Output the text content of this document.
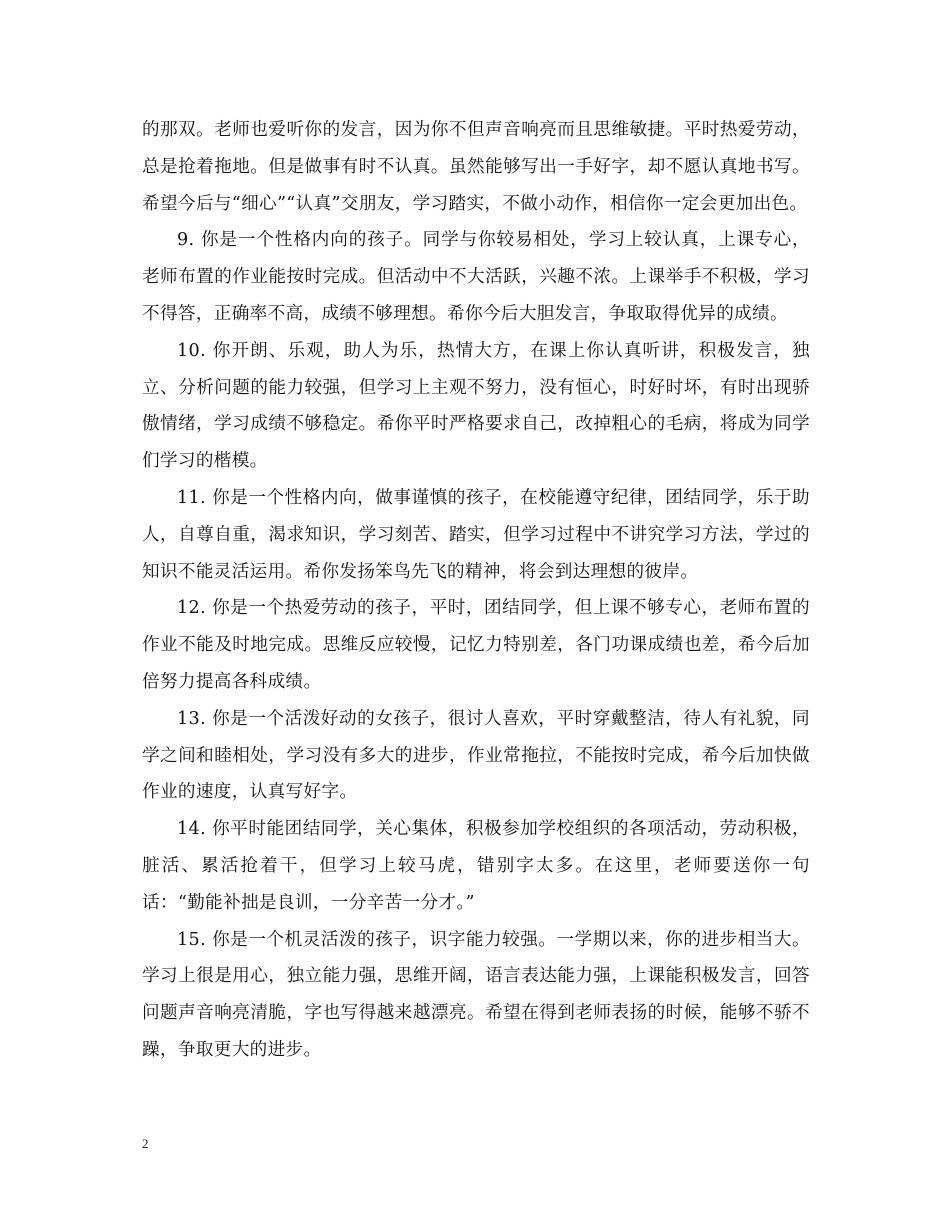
的那双。老师也爱听你的发言，因为你不但声音响亮而且思维敏捷。平时热爱劳动，总是抢着拖地。但是做事有时不认真。虽然能够写出一手好字，却不愿认真地书写。希望今后与“细心”“认真”交朋友，学习踏实，不做小动作，相信你一定会更加出色。

9. 你是一个性格内向的孩子。同学与你较易相处，学习上较认真，上课专心，老师布置的作业能按时完成。但活动中不大活跃，兴趣不浓。上课举手不积极，学习不得答，正确率不高，成绩不够理想。希你今后大胆发言，争取取得优异的成绩。

10. 你开朗、乐观，助人为乐，热情大方，在课上你认真听讲，积极发言，独立、分析问题的能力较强，但学习上主观不努力，没有恒心，时好时坏，有时出现骄傲情绪，学习成绩不够稳定。希你平时严格要求自己，改掉粗心的毛病，将成为同学们学习的楷模。

11. 你是一个性格内向，做事谨慎的孩子，在校能遵守纪律，团结同学，乐于助人，自尊自重，渴求知识，学习刻苦、踏实，但学习过程中不讲究学习方法，学过的知识不能灵活运用。希你发扬笨鸟先飞的精神，将会到达理想的彼岸。

12. 你是一个热爱劳动的孩子，平时，团结同学，但上课不够专心，老师布置的作业不能及时地完成。思维反应较慢，记忆力特别差，各门功课成绩也差，希今后加倍努力提高各科成绩。

13. 你是一个活泼好动的女孩子，很讨人喜欢，平时穿戴整洁，待人有礼貌，同学之间和睦相处，学习没有多大的进步，作业常拖拉，不能按时完成，希今后加快做作业的速度，认真写好字。

14. 你平时能团结同学，关心集体，积极参加学校组织的各项活动，劳动积极，脏活、累活抢着干，但学习上较马虎，错别字太多。在这里，老师要送你一句话：“勤能补拙是良训，一分辛苦一分才。”

15. 你是一个机灵活泼的孩子，识字能力较强。一学期以来，你的进步相当大。学习上很是用心，独立能力强，思维开阔，语言表达能力强，上课能积极发言，回答问题声音响亮清脆，字也写得越来越漂亮。希望在得到老师表扬的时候，能够不骄不躁，争取更大的进步。

2
